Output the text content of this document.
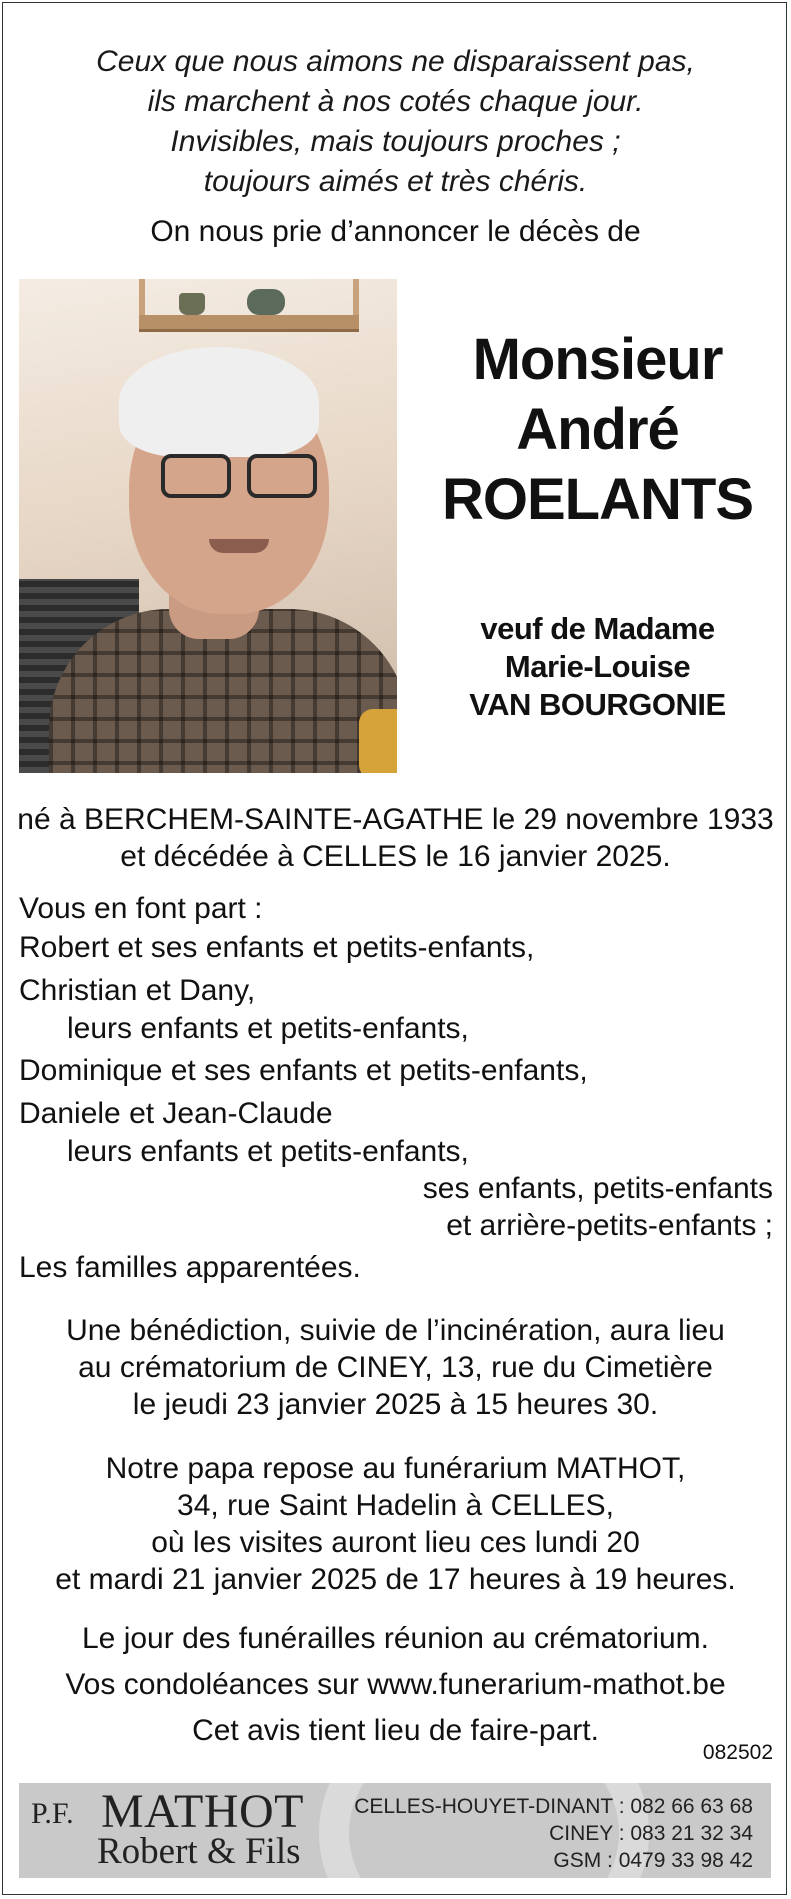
Ceux que nous aimons ne disparaissent pas,
ils marchent à nos cotés chaque jour.
Invisibles, mais toujours proches ;
toujours aimés et très chéris.
On nous prie d’annoncer le décès de
Monsieur
André
ROELANTS
veuf de Madame
Marie-Louise
VAN BOURGONIE
né à BERCHEM-SAINTE-AGATHE le 29 novembre 1933
et décédée à CELLES le 16 janvier 2025.
Vous en font part :
Robert et ses enfants et petits-enfants,
Christian et Dany,
leurs enfants et petits-enfants,
Dominique et ses enfants et petits-enfants,
Daniele et Jean-Claude
leurs enfants et petits-enfants,
ses enfants, petits-enfants
et arrière-petits-enfants ;
Les familles apparentées.
Une bénédiction, suivie de l’incinération, aura lieu
au crématorium de CINEY, 13, rue du Cimetière
le jeudi 23 janvier 2025 à 15 heures 30.
Notre papa repose au funérarium MATHOT,
34, rue Saint Hadelin à CELLES,
où les visites auront lieu ces lundi 20
et mardi 21 janvier 2025 de 17 heures à 19 heures.
Le jour des funérailles réunion au crématorium.
Vos condoléances sur www.funerarium-mathot.be
Cet avis tient lieu de faire-part.
082502
P.F. MATHOT
Robert & Fils
CELLES-HOUYET-DINANT : 082 66 63 68
CINEY : 083 21 32 34
GSM : 0479 33 98 42
